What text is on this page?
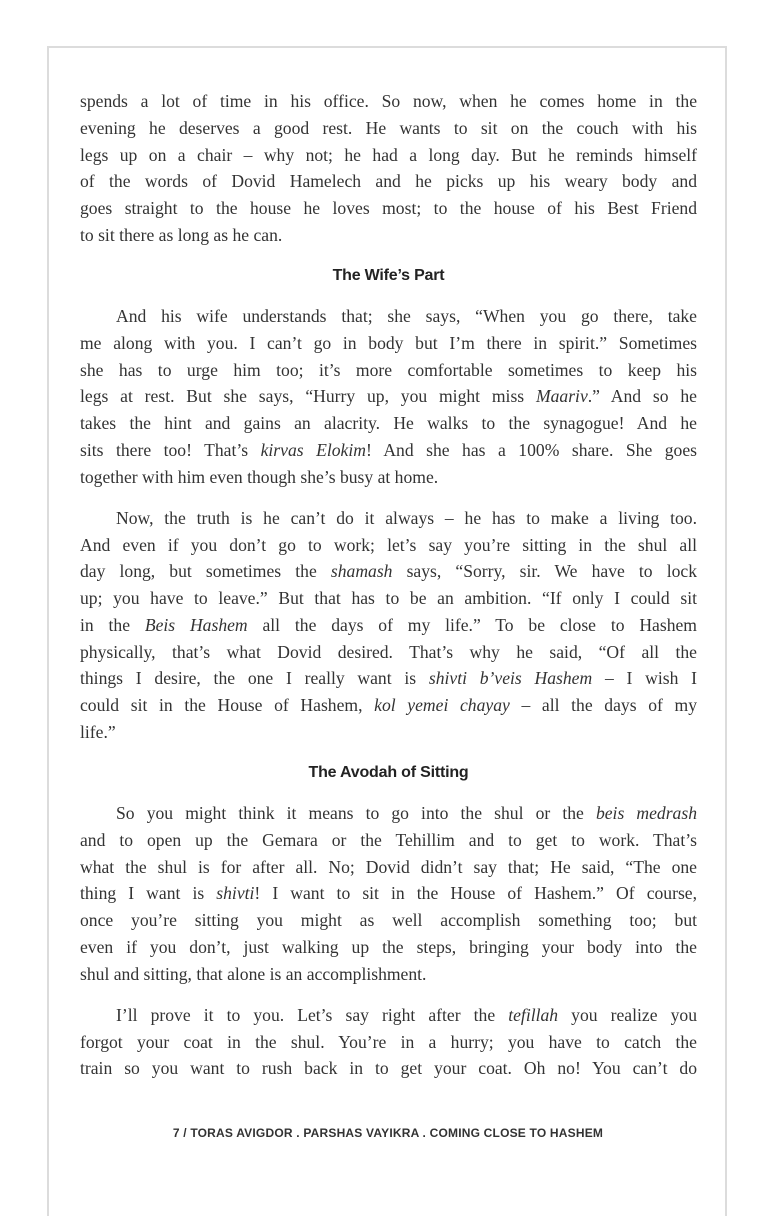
spends a lot of time in his office. So now, when he comes home in the
evening he deserves a good rest. He wants to sit on the couch with his
legs up on a chair – why not; he had a long day. But he reminds himself
of the words of Dovid Hamelech and he picks up his weary body and
goes straight to the house he loves most; to the house of his Best Friend
to sit there as long as he can.
The Wife’s Part
And his wife understands that; she says, “When you go there, take
me along with you. I can’t go in body but I’m there in spirit.” Sometimes
she has to urge him too; it’s more comfortable sometimes to keep his
legs at rest. But she says, “Hurry up, you might miss Maariv.” And so he
takes the hint and gains an alacrity. He walks to the synagogue! And he
sits there too! That’s kirvas Elokim! And she has a 100% share. She goes
together with him even though she’s busy at home.
Now, the truth is he can’t do it always – he has to make a living too.
And even if you don’t go to work; let’s say you’re sitting in the shul all
day long, but sometimes the shamash says, “Sorry, sir. We have to lock
up; you have to leave.” But that has to be an ambition. “If only I could sit
in the Beis Hashem all the days of my life.” To be close to Hashem
physically, that’s what Dovid desired. That’s why he said, “Of all the
things I desire, the one I really want is shivti b’veis Hashem – I wish I
could sit in the House of Hashem, kol yemei chayay – all the days of my
life.”
The Avodah of Sitting
So you might think it means to go into the shul or the beis medrash
and to open up the Gemara or the Tehillim and to get to work. That’s
what the shul is for after all. No; Dovid didn’t say that; He said, “The one
thing I want is shivti! I want to sit in the House of Hashem.” Of course,
once you’re sitting you might as well accomplish something too; but
even if you don’t, just walking up the steps, bringing your body into the
shul and sitting, that alone is an accomplishment.
I’ll prove it to you. Let’s say right after the tefillah you realize you
forgot your coat in the shul. You’re in a hurry; you have to catch the
train so you want to rush back in to get your coat. Oh no! You can’t do
7 / TORAS AVIGDOR . PARSHAS VAYIKRA . COMING CLOSE TO HASHEM
